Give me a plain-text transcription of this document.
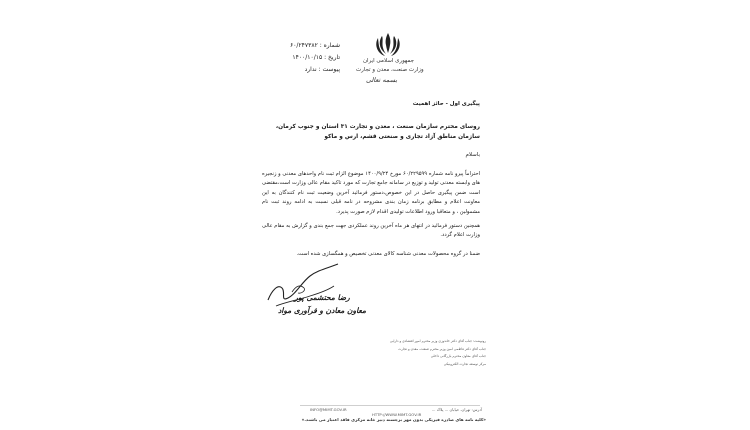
جمهوری اسلامی ایران
وزارت صنعت، معدن و تجارت
بسمه تعالی
شماره : ۶۰/۲۴۷۳۸۲
تاریخ : ۱۴۰۰/۱۰/۱۵
پیوست : ندارد
پیگیری اول - حائز اهمیت
روسای محترم سازمان صنعت ، معدن و تجارت ۳۱ استان و جنوب کرمان، سازمان مناطق آزاد تجاری و صنعتی قشم، ارس و ماکو
باسلام
احتراماً پیرو نامه شماره ۶۰/۲۲۹۵۹۹ مورخ ۱۴۰۰/۹/۲۴ موضوع الزام ثبت نام واحدهای معدنی و زنجیره های وابسته معدنی تولید و توزیع در سامانه جامع تجارت که مورد تاکید مقام عالی وزارت است،مقتضی است ضمن پیگیری حاصل در این خصوص،دستور فرمائید آخرین وضعیت ثبت نام کنندگان به این معاونت اعلام و مطابق برنامه زمان بندی مشروحه در نامه قبلی نسبت به ادامه روند ثبت نام مشمولین ، و متعاقبا ورود اطلاعات تولیدی اقدام لازم صورت پذیرد.
همچنین دستور فرمائید در انتهای هر ماه آخرین روند عملکردی جهت جمع بندی و گزارش به مقام عالی وزارت اعلام گردد.
ضمنا در گروه محصولات معدنی شناسه کالای معدنی تخصیص و همگسازی شده است.
رضا محتشمی پور
معاون معادن و فرآوری مواد
رونوشت: جناب آقای دکتر خاندوزی وزیر محترم امور اقتصادی و دارایی
جناب آقای دکتر فاطمی امین وزیر محترم صنعت، معدن و تجارت
جناب آقای معاون محترم بازرگانی داخلی
مرکز توسعه تجارت الکترونیکی
آدرس: تهران، خیابان ... پلاک ...
HTTP://WWW.MIMT.GOV.IR
INFO@MIMT.GOV.IR
«کلیه نامه های صادره فیزیکی بدون مهر برجسته دبیر خانه مرکزی فاقد اعتبار می باشند.»
